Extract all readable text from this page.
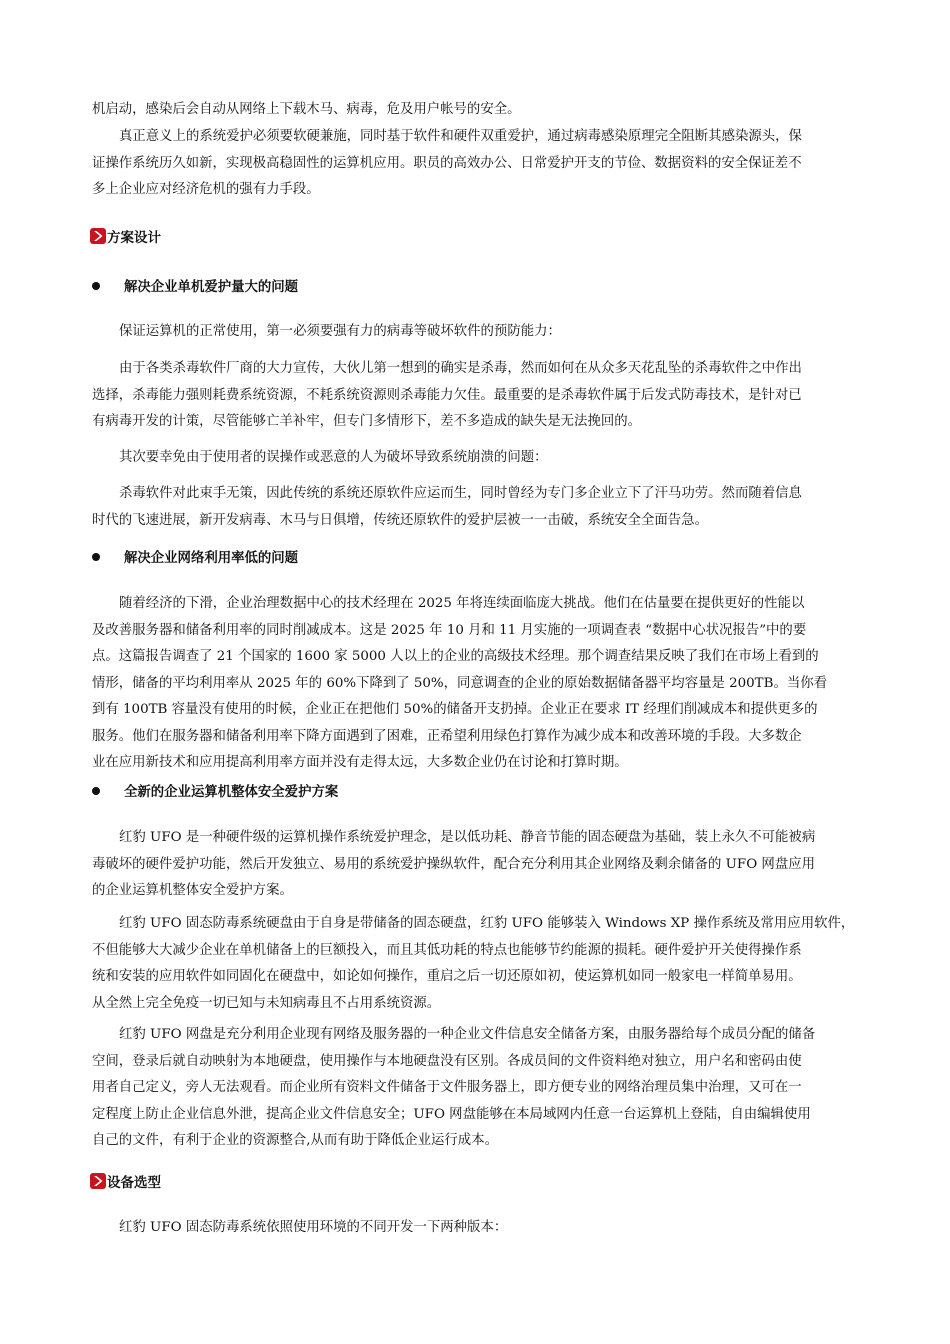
机启动，感染后会自动从网络上下载木马、病毒，危及用户帐号的安全。

真正意义上的系统爱护必须要软硬兼施，同时基于软件和硬件双重爱护，通过病毒感染原理完全阻断其感染源头，保
证操作系统历久如新，实现极高稳固性的运算机应用。职员的高效办公、日常爱护开支的节俭、数据资料的安全保证差不
多上企业应对经济危机的强有力手段。

方案设计
解决企业单机爱护量大的问题

保证运算机的正常使用，第一必须要强有力的病毒等破坏软件的预防能力：

由于各类杀毒软件厂商的大力宣传，大伙儿第一想到的确实是杀毒，然而如何在从众多天花乱坠的杀毒软件之中作出
选择，杀毒能力强则耗费系统资源，不耗系统资源则杀毒能力欠佳。最重要的是杀毒软件属于后发式防毒技术，是针对已
有病毒开发的计策，尽管能够亡羊补牢，但专门多情形下，差不多造成的缺失是无法挽回的。

其次要幸免由于使用者的误操作或恶意的人为破坏导致系统崩溃的问题：

杀毒软件对此束手无策，因此传统的系统还原软件应运而生，同时曾经为专门多企业立下了汗马功劳。然而随着信息
时代的飞速进展，新开发病毒、木马与日俱增，传统还原软件的爱护层被一一击破，系统安全全面告急。

解决企业网络利用率低的问题

随着经济的下滑，企业治理数据中心的技术经理在 2025 年将连续面临庞大挑战。他们在估量要在提供更好的性能以
及改善服务器和储备利用率的同时削减成本。这是 2025 年 10 月和 11 月实施的一项调查表 “数据中心状况报告”中的要
点。这篇报告调查了 21 个国家的 1600 家 5000 人以上的企业的高级技术经理。那个调查结果反映了我们在市场上看到的
情形，储备的平均利用率从 2025 年的 60%下降到了 50%，同意调查的企业的原始数据储备器平均容量是 200TB。当你看
到有 100TB 容量没有使用的时候，企业正在把他们 50%的储备开支扔掉。企业正在要求 IT 经理们削减成本和提供更多的
服务。他们在服务器和储备利用率下降方面遇到了困难，正希望利用绿色打算作为减少成本和改善环境的手段。大多数企
业在应用新技术和应用提高利用率方面并没有走得太远，大多数企业仍在讨论和打算时期。

全新的企业运算机整体安全爱护方案

红豹 UFO 是一种硬件级的运算机操作系统爱护理念，是以低功耗、静音节能的固态硬盘为基础，装上永久不可能被病
毒破坏的硬件爱护功能，然后开发独立、易用的系统爱护操纵软件，配合充分利用其企业网络及剩余储备的 UFO 网盘应用
的企业运算机整体安全爱护方案。

红豹 UFO 固态防毒系统硬盘由于自身是带储备的固态硬盘，红豹 UFO 能够装入 Windows XP 操作系统及常用应用软件，
不但能够大大减少企业在单机储备上的巨额投入，而且其低功耗的特点也能够节约能源的损耗。硬件爱护开关使得操作系
统和安装的应用软件如同固化在硬盘中，如论如何操作，重启之后一切还原如初，使运算机如同一般家电一样简单易用。
从全然上完全免疫一切已知与未知病毒且不占用系统资源。

红豹 UFO 网盘是充分利用企业现有网络及服务器的一种企业文件信息安全储备方案，由服务器给每个成员分配的储备
空间，登录后就自动映射为本地硬盘，使用操作与本地硬盘没有区别。各成员间的文件资料绝对独立，用户名和密码由使
用者自己定义，旁人无法观看。而企业所有资料文件储备于文件服务器上，即方便专业的网络治理员集中治理，又可在一
定程度上防止企业信息外泄，提高企业文件信息安全；UFO 网盘能够在本局域网内任意一台运算机上登陆，自由编辑使用
自己的文件，有利于企业的资源整合,从而有助于降低企业运行成本。

设备选型

红豹 UFO 固态防毒系统依照使用环境的不同开发一下两种版本：
